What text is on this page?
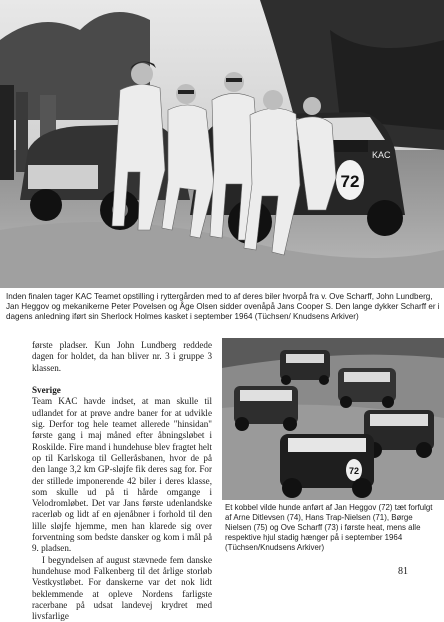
72
KAC
Inden finalen tager KAC Teamet opstilling i ryttergården med to af deres biler hvorpå fra v. Ove Scharff, John Lundberg, Jan Heggov og mekanikerne Peter Povelsen og Åge Olsen sidder ovenåpå Jans Cooper S. Den lange dykker Scharff er i dagens anledning iført sin Sherlock Holmes kasket i september 1964 (Tüchsen/ Knudsens Arkiver)

første pladser. Kun John Lundberg reddede dagen for holdet, da han bliver nr. 3 i gruppe 3 klassen.

Sverige

Team KAC havde indset, at man skulle til udlandet for at prøve andre baner for at udvikle sig. Derfor tog hele teamet allerede "hinsidan" første gang i maj måned efter åbningsløbet i Roskilde. Fire mand i hundehuse blev fragtet helt op til Karlskoga til Gelleråsbanen, hvor de på den lange 3,2 km GP-sløjfe fik deres sag for. For der stillede imponerende 42 biler i deres klasse, som skulle ud på ti hårde omgange i Velodromløbet. Det var Jans første udenlandske racerløb og lidt af en øjenåbner i forhold til den lille sløjfe hjemme, men han klarede sig over forventning som bedste dansker og kom i mål på 9. pladsen.

I begyndelsen af august stævnede fem danske hundehuse mod Falkenberg til det årlige storløb Vestkystløbet. For danskerne var det nok lidt beklemmende at opleve Nordens farligste racerbane på udsat landevej krydret med livsfarlige

72
Et kobbel vilde hunde anført af Jan Heggov (72) tæt forfulgt af Arne Ditlevsen (74), Hans Trap-Nielsen (71), Børge Nielsen (75) og Ove Scharff (73) i første heat, mens alle respektive hjul stadig hænger på i september 1964 (Tüchsen/Knudsens Arkiver)
81
